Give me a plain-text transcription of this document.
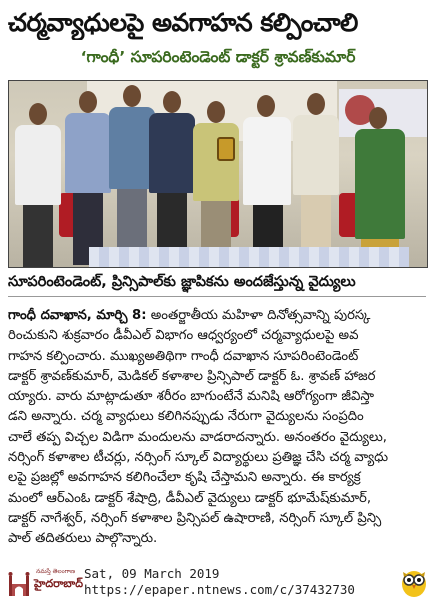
చర్మవ్యాధులపై అవగాహన కల్పించాలి
‘గాంధీ’ సూపరింటెండెంట్ డాక్టర్ శ్రావణ్‌కుమార్
సూపరింటెండెంట్, ప్రిన్సిపాల్‌కు జ్ఞాపికను అందజేస్తున్న వైద్యులు
గాంధీ దవాఖాన, మార్చి 8: అంతర్జాతీయ మహిళా దినోత్సవాన్ని పురస్క
రించుకుని శుక్రవారం డీవీఎల్ విభాగం ఆధ్వర్యంలో చర్మవ్యాధులపై అవ
గాహన కల్పించారు. ముఖ్యఅతిథిగా గాంధీ దవాఖాన సూపరింటెండెంట్
డాక్టర్ శ్రావణ్‌కుమార్, మెడికల్ కళాశాల ప్రిన్సిపాల్ డాక్టర్ ఓ. శ్రావణ్ హాజర
య్యారు. వారు మాట్లాడుతూ శరీరం బాగుంటేనే మనిషి ఆరోగ్యంగా జీవిస్తా
డని అన్నారు. చర్మ వ్యాధులు కలిగినప్పుడు నేరుగా వైద్యులను సంప్రదిం
చాలే తప్ప విచ్చల విడిగా మందులను వాడరాదన్నారు. అనంతరం వైద్యులు,
నర్సింగ్ కళాశాల టీచర్లు, నర్సింగ్ స్కూల్ విద్యార్థులు ప్రతిజ్ఞ చేసి చర్మ వ్యాధు
లపై ప్రజల్లో అవగాహన కలిగించేలా కృషి చేస్తామని అన్నారు. ఈ కార్యక్ర
మంలో ఆర్ఎంఓ డాక్టర్ శేషాద్రి, డీవీఎల్ వైద్యులు డాక్టర్ భూమేష్‌కుమార్,
డాక్టర్ నాగేశ్వర్, నర్సింగ్ కళాశాల ప్రిన్సిపల్ ఉషారాణి, నర్సింగ్ స్కూల్ ప్రిన్సి
పాల్ తదితరులు పాల్గొన్నారు.
నమస్తే తెలంగాణ
హైదరాబాద్
Sat, 09 March 2019
https://epaper.ntnews.com/c/37432730
